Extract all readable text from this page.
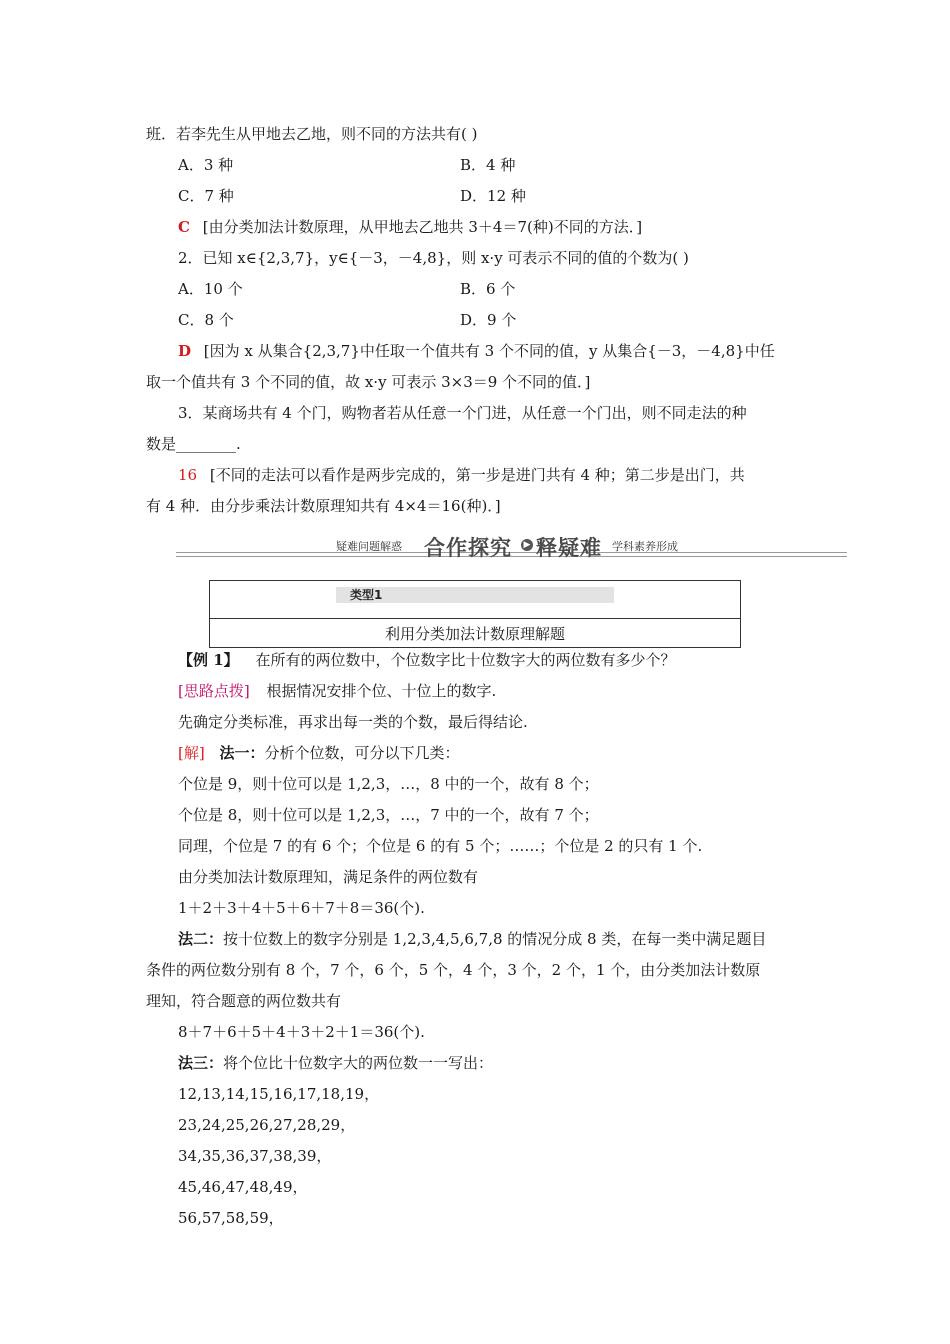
班．若李先生从甲地去乙地，则不同的方法共有( )
A．3 种	B．4 种
C．7 种	D．12 种
C [由分类加法计数原理，从甲地去乙地共 3＋4＝7(种)不同的方法．]
2．已知 x∈{2,3,7}，y∈{－3，－4,8}，则 x·y 可表示不同的值的个数为( )
A．10 个	B．6 个
C．8 个	D．9 个
D [因为 x 从集合{2,3,7}中任取一个值共有 3 个不同的值，y 从集合{－3，－4,8}中任
取一个值共有 3 个不同的值，故 x·y 可表示 3×3＝9 个不同的值．]
3．某商场共有 4 个门，购物者若从任意一个门进，从任意一个门出，则不同走法的种
数是________.
16 [不同的走法可以看作是两步完成的，第一步是进门共有 4 种；第二步是出门，共
有 4 种．由分步乘法计数原理知共有 4×4＝16(种)．]
疑难问题解惑 合作探究 ▶ 释疑难 学科素养形成
类型1
利用分类加法计数原理解题
【例 1】 在所有的两位数中，个位数字比十位数字大的两位数有多少个？
[思路点拨] 根据情况安排个位、十位上的数字.
先确定分类标准，再求出每一类的个数，最后得结论.
[解] 法一：分析个位数，可分以下几类：
个位是 9，则十位可以是 1,2,3，…，8 中的一个，故有 8 个；
个位是 8，则十位可以是 1,2,3，…，7 中的一个，故有 7 个；
同理，个位是 7 的有 6 个；个位是 6 的有 5 个；……；个位是 2 的只有 1 个.
由分类加法计数原理知，满足条件的两位数有
1＋2＋3＋4＋5＋6＋7＋8＝36(个).
法二：按十位数上的数字分别是 1,2,3,4,5,6,7,8 的情况分成 8 类，在每一类中满足题目
条件的两位数分别有 8 个，7 个，6 个，5 个，4 个，3 个，2 个，1 个，由分类加法计数原
理知，符合题意的两位数共有
8＋7＋6＋5＋4＋3＋2＋1＝36(个).
法三：将个位比十位数字大的两位数一一写出：
12,13,14,15,16,17,18,19，
23,24,25,26,27,28,29，
34,35,36,37,38,39，
45,46,47,48,49，
56,57,58,59，
